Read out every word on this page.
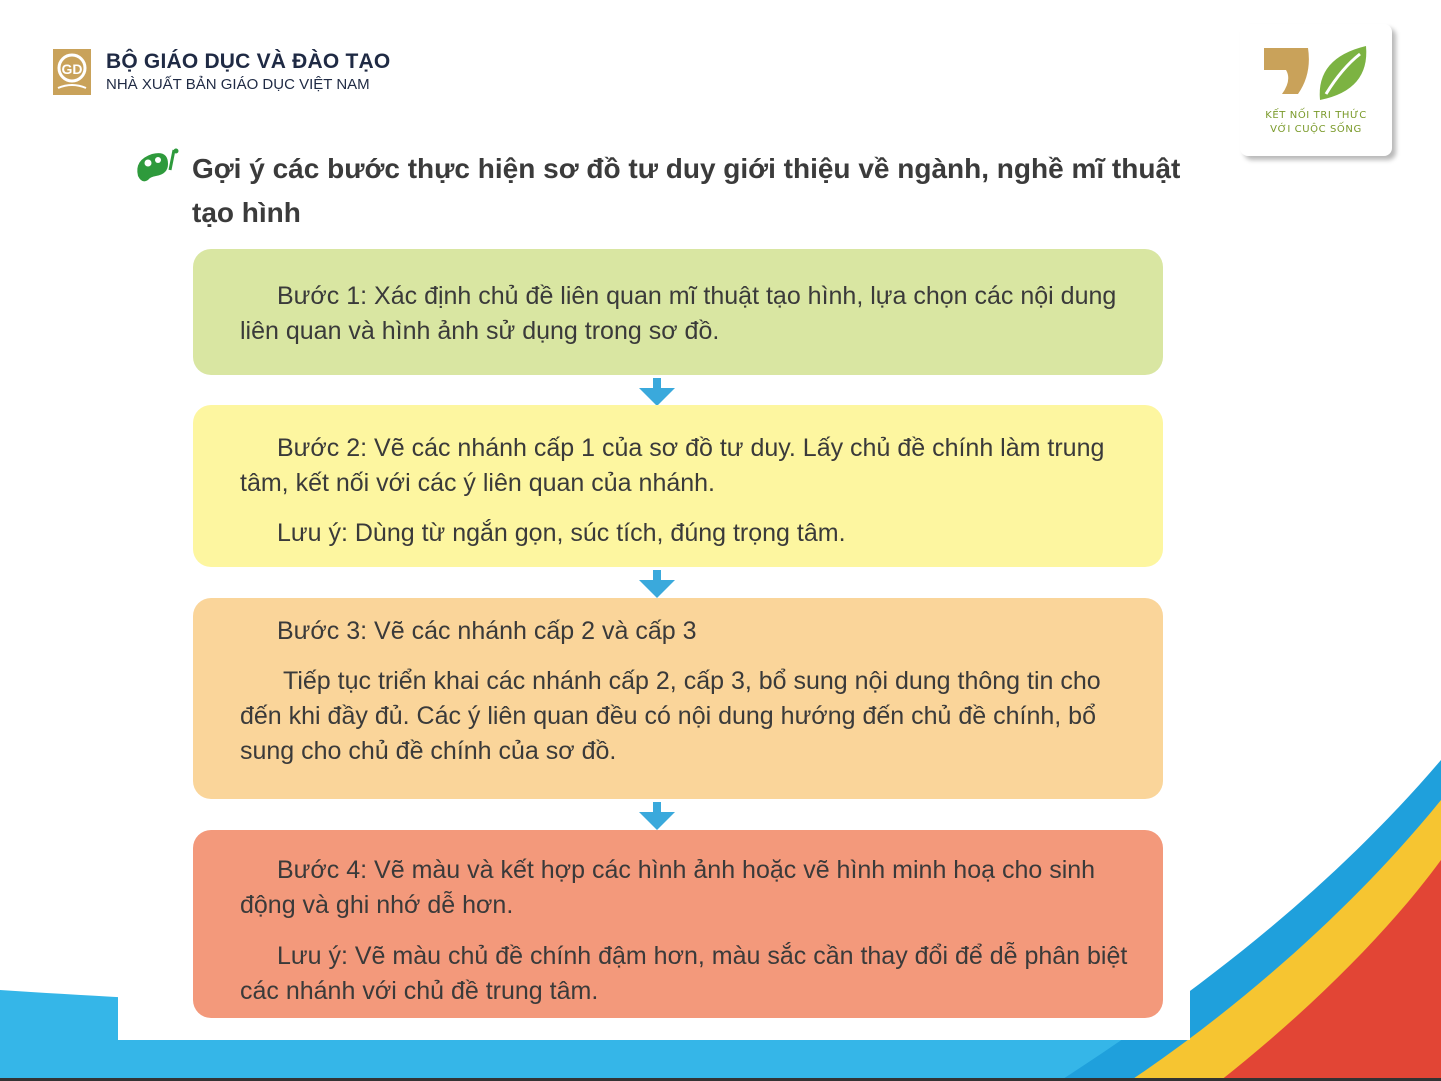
GD BỘ GIÁO DỤC VÀ ĐÀO TẠO
NHÀ XUẤT BẢN GIÁO DỤC VIỆT NAM
KẾT NỐI TRI THỨC
VỚI CUỘC SỐNG
Gợi ý các bước thực hiện sơ đồ tư duy giới thiệu về ngành, nghề mĩ thuật tạo hình

Bước 1: Xác định chủ đề liên quan mĩ thuật tạo hình, lựa chọn các nội dung liên quan và hình ảnh sử dụng trong sơ đồ.

Bước 2: Vẽ các nhánh cấp 1 của sơ đồ tư duy. Lấy chủ đề chính làm trung tâm, kết nối với các ý liên quan của nhánh.

Lưu ý: Dùng từ ngắn gọn, súc tích, đúng trọng tâm.

Bước 3: Vẽ các nhánh cấp 2 và cấp 3

Tiếp tục triển khai các nhánh cấp 2, cấp 3, bổ sung nội dung thông tin cho đến khi đầy đủ. Các ý liên quan đều có nội dung hướng đến chủ đề chính, bổ sung cho chủ đề chính của sơ đồ.

Bước 4: Vẽ màu và kết hợp các hình ảnh hoặc vẽ hình minh hoạ cho sinh động và ghi nhớ dễ hơn.

Lưu ý: Vẽ màu chủ đề chính đậm hơn, màu sắc cần thay đổi để dễ phân biệt các nhánh với chủ đề trung tâm.
